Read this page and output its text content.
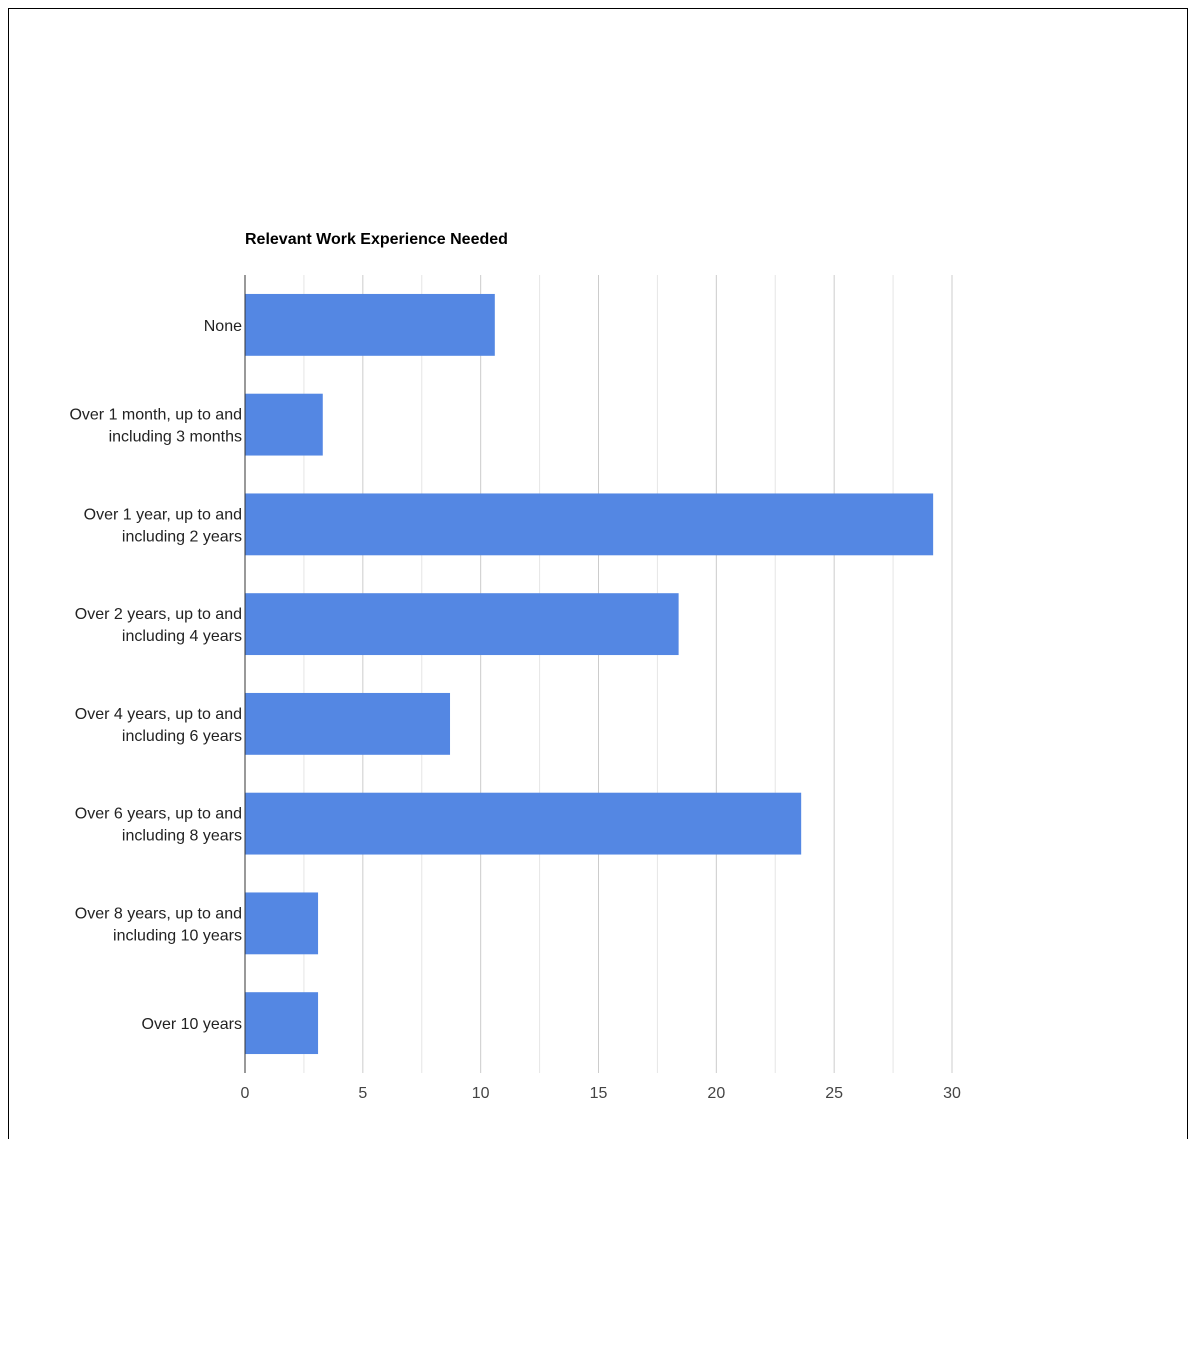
Relevant Work Experience Needed
None
Over 1 month, up to and
including 3 months
Over 1 year, up to and
including 2 years
Over 2 years, up to and
including 4 years
Over 4 years, up to and
including 6 years
Over 6 years, up to and
including 8 years
Over 8 years, up to and
including 10 years
Over 10 years
0	5	10	15	20	25	30
